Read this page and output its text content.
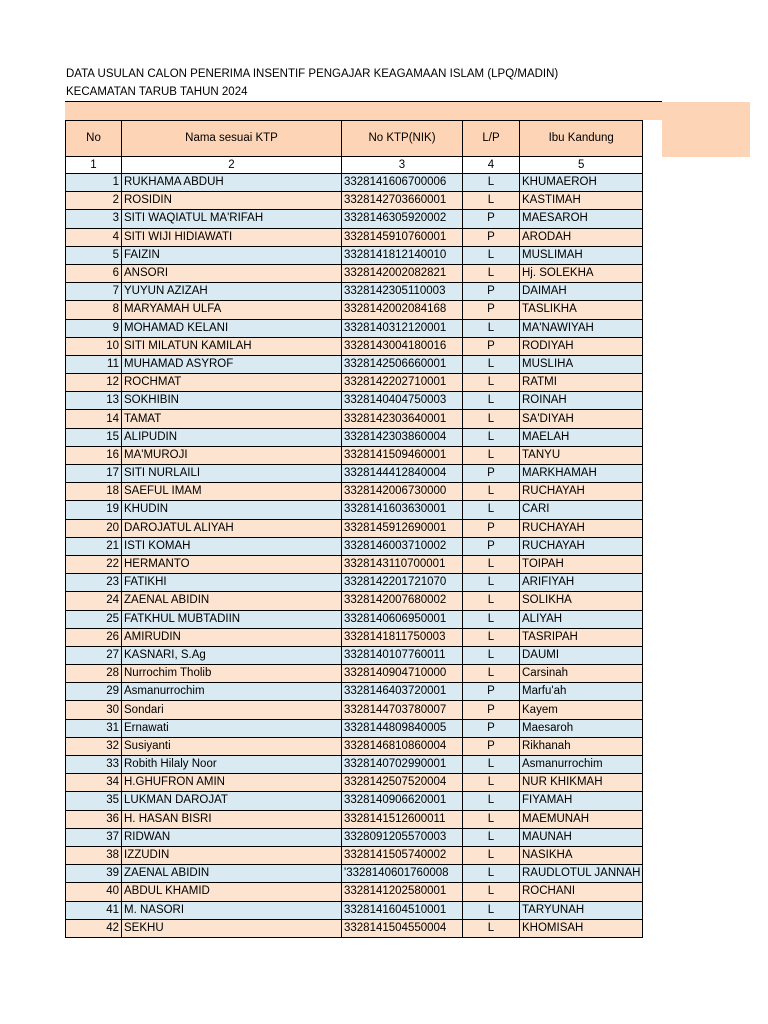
DATA USULAN CALON PENERIMA INSENTIF PENGAJAR KEAGAMAAN ISLAM (LPQ/MADIN)
KECAMATAN TARUB TAHUN 2024
No	Nama sesuai KTP	No KTP(NIK)	L/P	Ibu Kandung
1	2	3	4	5
1	RUKHAMA ABDUH	3328141606700006	L	KHUMAEROH
2	ROSIDIN	3328142703660001	L	KASTIMAH
3	SITI WAQIATUL MA'RIFAH	3328146305920002	P	MAESAROH
4	SITI WIJI HIDIAWATI	3328145910760001	P	ARODAH
5	FAIZIN	3328141812140010	L	MUSLIMAH
6	ANSORI	3328142002082821	L	Hj. SOLEKHA
7	YUYUN AZIZAH	3328142305110003	P	DAIMAH
8	MARYAMAH ULFA	3328142002084168	P	TASLIKHA
9	MOHAMAD KELANI	3328140312120001	L	MA'NAWIYAH
10	SITI MILATUN KAMILAH	3328143004180016	P	RODIYAH
11	MUHAMAD ASYROF	3328142506660001	L	MUSLIHA
12	ROCHMAT	3328142202710001	L	RATMI
13	SOKHIBIN	3328140404750003	L	ROINAH
14	TAMAT	3328142303640001	L	SA'DIYAH
15	ALIPUDIN	3328142303860004	L	MAELAH
16	MA'MUROJI	3328141509460001	L	TANYU
17	SITI NURLAILI	3328144412840004	P	MARKHAMAH
18	SAEFUL IMAM	3328142006730000	L	RUCHAYAH
19	KHUDIN	3328141603630001	L	CARI
20	DAROJATUL ALIYAH	3328145912690001	P	RUCHAYAH
21	ISTI KOMAH	3328146003710002	P	RUCHAYAH
22	HERMANTO	3328143110700001	L	TOIPAH
23	FATIKHI	3328142201721070	L	ARIFIYAH
24	ZAENAL ABIDIN	3328142007680002	L	SOLIKHA
25	FATKHUL MUBTADIIN	3328140606950001	L	ALIYAH
26	AMIRUDIN	3328141811750003	L	TASRIPAH
27	KASNARI, S.Ag	3328140107760011	L	DAUMI
28	Nurrochim Tholib	3328140904710000	L	Carsinah
29	Asmanurrochim	3328146403720001	P	Marfu'ah
30	Sondari	3328144703780007	P	Kayem
31	Ernawati	3328144809840005	P	Maesaroh
32	Susiyanti	3328146810860004	P	Rikhanah
33	Robith Hilaly Noor	3328140702990001	L	Asmanurrochim
34	H.GHUFRON AMIN	3328142507520004	L	NUR KHIKMAH
35	LUKMAN DAROJAT	3328140906620001	L	FIYAMAH
36	H. HASAN BISRI	3328141512600011	L	MAEMUNAH
37	RIDWAN	3328091205570003	L	MAUNAH
38	IZZUDIN	3328141505740002	L	NASIKHA
39	ZAENAL ABIDIN	'3328140601760008	L	RAUDLOTUL JANNAH
40	ABDUL KHAMID	3328141202580001	L	ROCHANI
41	M. NASORI	3328141604510001	L	TARYUNAH
42	SEKHU	3328141504550004	L	KHOMISAH
